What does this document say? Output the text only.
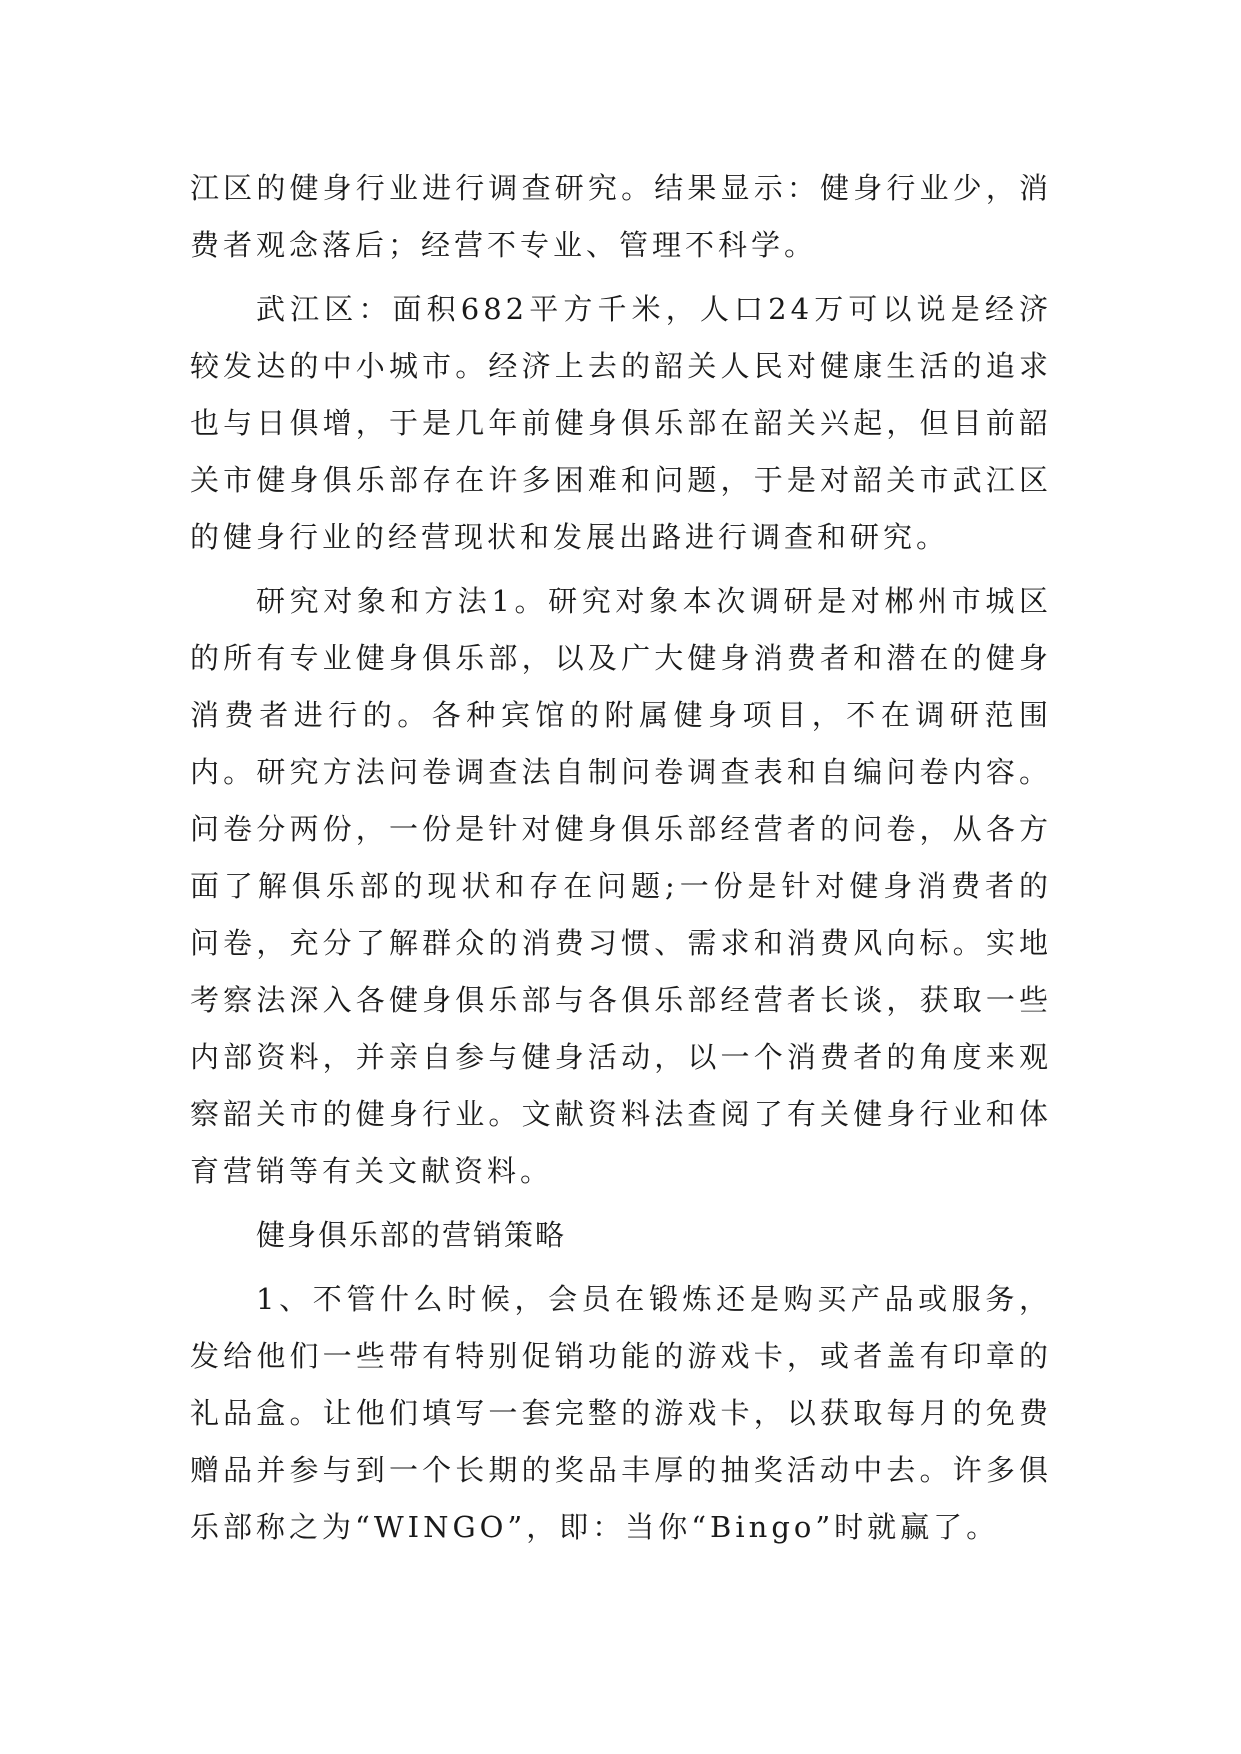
江区的健身行业进行调查研究。结果显示：健身行业少，消费者观念落后；经营不专业、管理不科学。

武江区：面积682平方千米，人口24万可以说是经济较发达的中小城市。经济上去的韶关人民对健康生活的追求也与日俱增，于是几年前健身俱乐部在韶关兴起，但目前韶关市健身俱乐部存在许多困难和问题，于是对韶关市武江区的健身行业的经营现状和发展出路进行调查和研究。

研究对象和方法1。研究对象本次调研是对郴州市城区的所有专业健身俱乐部，以及广大健身消费者和潜在的健身消费者进行的。各种宾馆的附属健身项目，不在调研范围内。研究方法问卷调查法自制问卷调查表和自编问卷内容。问卷分两份，一份是针对健身俱乐部经营者的问卷，从各方面了解俱乐部的现状和存在问题;一份是针对健身消费者的问卷，充分了解群众的消费习惯、需求和消费风向标。实地考察法深入各健身俱乐部与各俱乐部经营者长谈，获取一些内部资料，并亲自参与健身活动，以一个消费者的角度来观察韶关市的健身行业。文献资料法查阅了有关健身行业和体育营销等有关文献资料。

健身俱乐部的营销策略

1、不管什么时候，会员在锻炼还是购买产品或服务，发给他们一些带有特别促销功能的游戏卡，或者盖有印章的礼品盒。让他们填写一套完整的游戏卡，以获取每月的免费赠品并参与到一个长期的奖品丰厚的抽奖活动中去。许多俱乐部称之为“WINGO”，即：当你“Bingo”时就赢了。
